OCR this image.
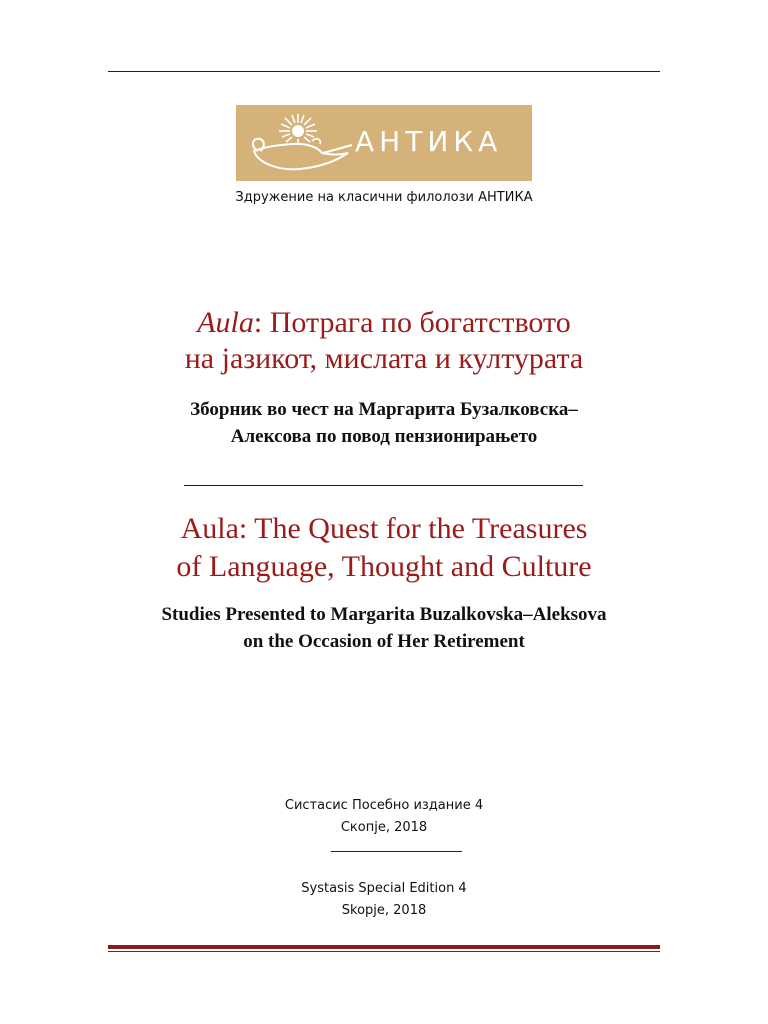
АНТИКА
Здружение на класични филолози АНТИКА
Aula: Потрага по богатството
на јазикот, мислата и културата
Зборник во чест на Маргарита Бузалковска–
Алексова по повод пензионирањето
Aula: The Quest for the Treasures
of Language, Thought and Culture
Studies Presented to Margarita Buzalkovska–Aleksova
on the Occasion of Her Retirement
Систасис Посебно издание 4
Скопје, 2018
Systasis Special Edition 4
Skopje, 2018
